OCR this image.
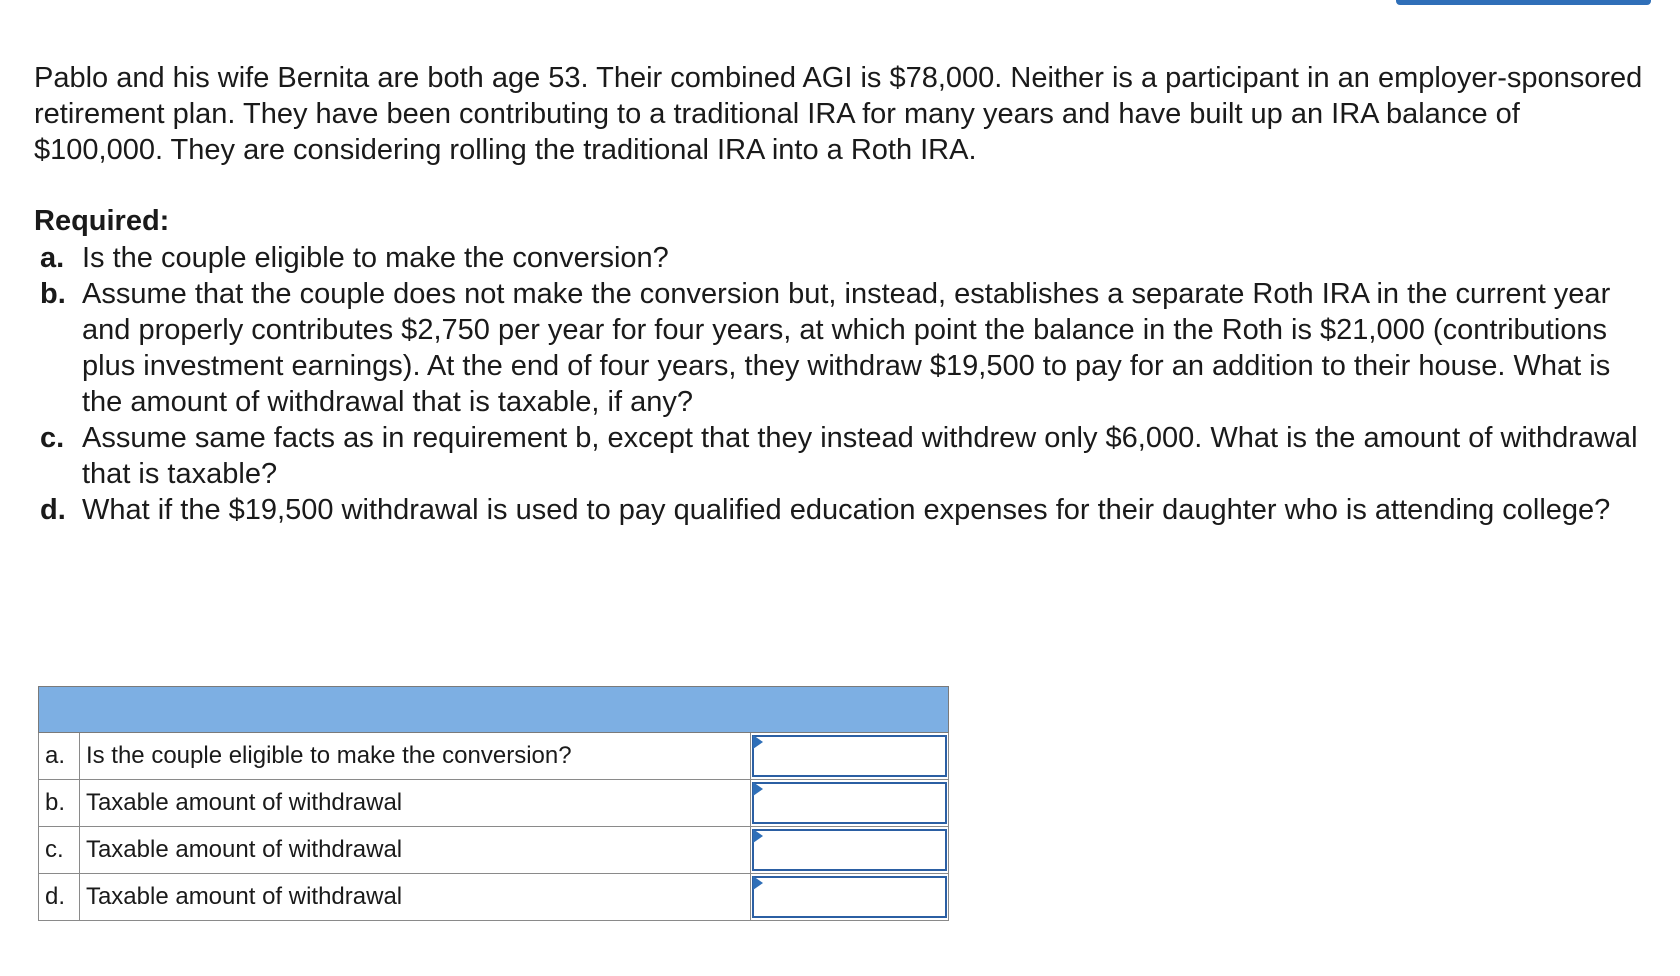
Pablo and his wife Bernita are both age 53. Their combined AGI is $78,000. Neither is a participant in an employer-sponsored retirement plan. They have been contributing to a traditional IRA for many years and have built up an IRA balance of $100,000. They are considering rolling the traditional IRA into a Roth IRA.

Required:

a. Is the couple eligible to make the conversion?
b. Assume that the couple does not make the conversion but, instead, establishes a separate Roth IRA in the current year and properly contributes $2,750 per year for four years, at which point the balance in the Roth is $21,000 (contributions plus investment earnings). At the end of four years, they withdraw $19,500 to pay for an addition to their house. What is the amount of withdrawal that is taxable, if any?
c. Assume same facts as in requirement b, except that they instead withdrew only $6,000. What is the amount of withdrawal that is taxable?
d. What if the $19,500 withdrawal is used to pay qualified education expenses for their daughter who is attending college?

a.	Is the couple eligible to make the conversion?	

b.	Taxable amount of withdrawal	

c.	Taxable amount of withdrawal	

d.	Taxable amount of withdrawal	
